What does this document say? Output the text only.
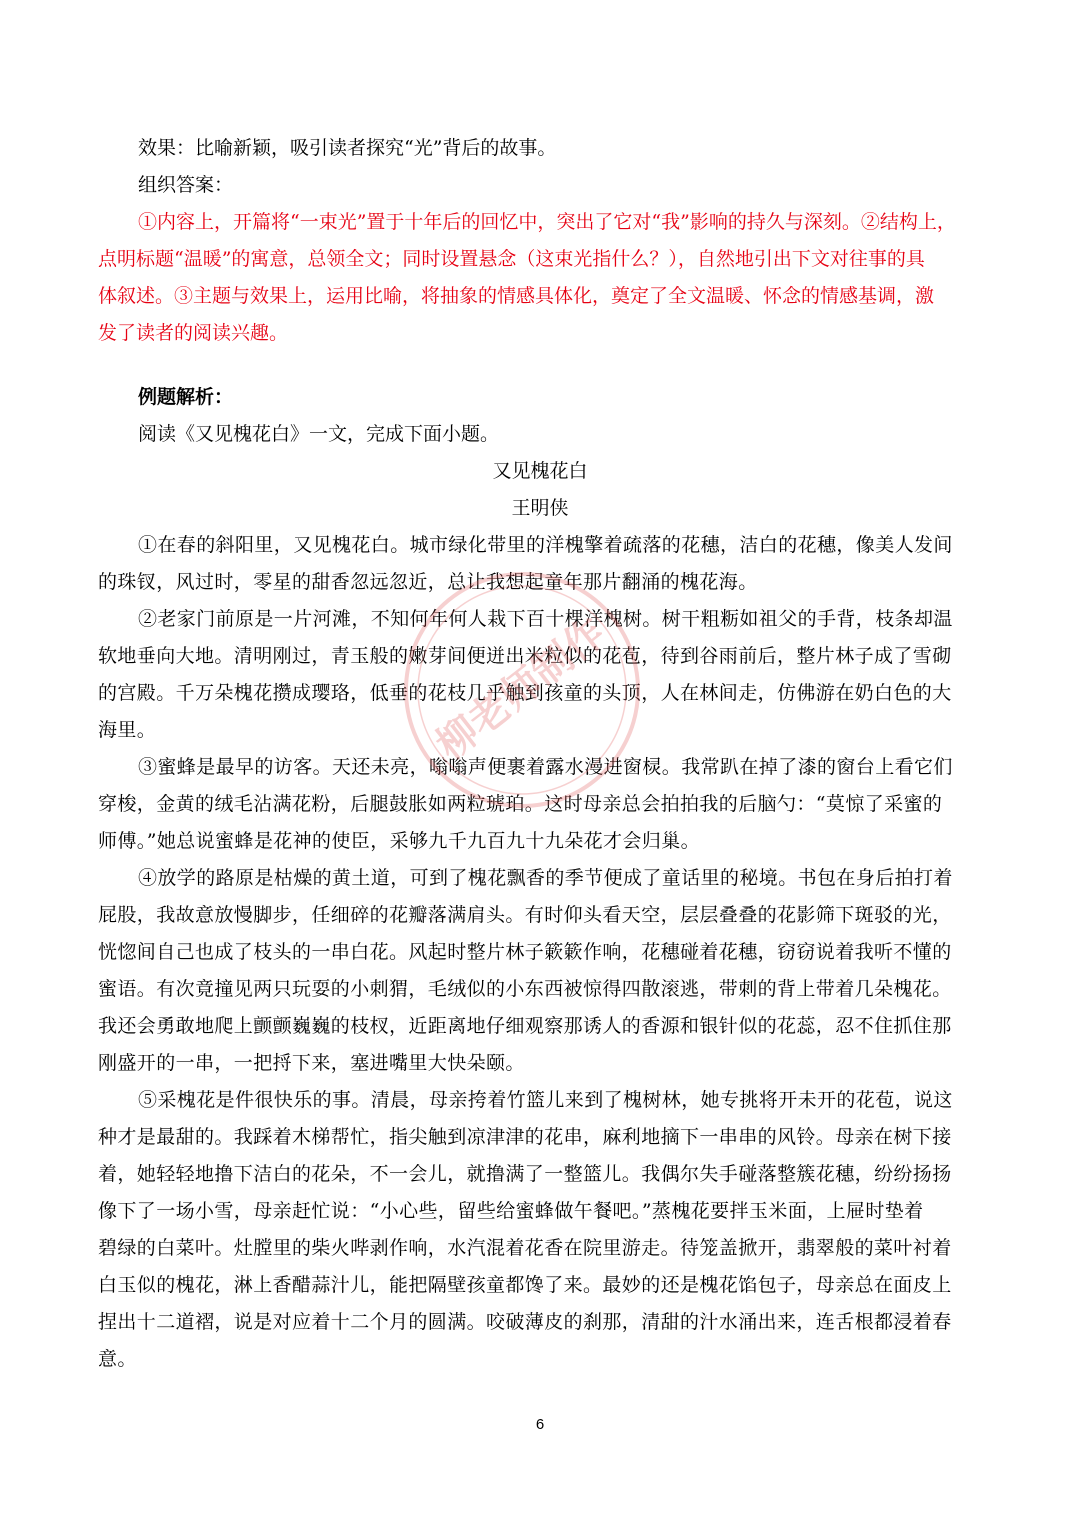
效果：比喻新颖，吸引读者探究“光”背后的故事。
组织答案：
①内容上，开篇将“一束光”置于十年后的回忆中，突出了它对“我”影响的持久与深刻。②结构上，
点明标题“温暖”的寓意，总领全文；同时设置悬念（这束光指什么？），自然地引出下文对往事的具
体叙述。③主题与效果上，运用比喻，将抽象的情感具体化，奠定了全文温暖、怀念的情感基调，激
发了读者的阅读兴趣。
例题解析：
阅读《又见槐花白》一文，完成下面小题。
又见槐花白
王明侠
①在春的斜阳里，又见槐花白。城市绿化带里的洋槐擎着疏落的花穗，洁白的花穗，像美人发间
的珠钗，风过时，零星的甜香忽远忽近，总让我想起童年那片翻涌的槐花海。
②老家门前原是一片河滩，不知何年何人栽下百十棵洋槐树。树干粗粝如祖父的手背，枝条却温
软地垂向大地。清明刚过，青玉般的嫩芽间便迸出米粒似的花苞，待到谷雨前后，整片林子成了雪砌
的宫殿。千万朵槐花攒成璎珞，低垂的花枝几乎触到孩童的头顶，人在林间走，仿佛游在奶白色的大
海里。
③蜜蜂是最早的访客。天还未亮，嗡嗡声便裹着露水漫进窗棂。我常趴在掉了漆的窗台上看它们
穿梭，金黄的绒毛沾满花粉，后腿鼓胀如两粒琥珀。这时母亲总会拍拍我的后脑勺：“莫惊了采蜜的
师傅。”她总说蜜蜂是花神的使臣，采够九千九百九十九朵花才会归巢。
④放学的路原是枯燥的黄土道，可到了槐花飘香的季节便成了童话里的秘境。书包在身后拍打着
屁股，我故意放慢脚步，任细碎的花瓣落满肩头。有时仰头看天空，层层叠叠的花影筛下斑驳的光，
恍惚间自己也成了枝头的一串白花。风起时整片林子簌簌作响，花穗碰着花穗，窃窃说着我听不懂的
蜜语。有次竟撞见两只玩耍的小刺猬，毛绒似的小东西被惊得四散滚逃，带刺的背上带着几朵槐花。
我还会勇敢地爬上颤颤巍巍的枝杈，近距离地仔细观察那诱人的香源和银针似的花蕊，忍不住抓住那
刚盛开的一串，一把捋下来，塞进嘴里大快朵颐。
⑤采槐花是件很快乐的事。清晨，母亲挎着竹篮儿来到了槐树林，她专挑将开未开的花苞，说这
种才是最甜的。我踩着木梯帮忙，指尖触到凉津津的花串，麻利地摘下一串串的风铃。母亲在树下接
着，她轻轻地撸下洁白的花朵，不一会儿，就撸满了一整篮儿。我偶尔失手碰落整簇花穗，纷纷扬扬
像下了一场小雪，母亲赶忙说：“小心些，留些给蜜蜂做午餐吧。”蒸槐花要拌玉米面，上屉时垫着
碧绿的白菜叶。灶膛里的柴火哔剥作响，水汽混着花香在院里游走。待笼盖掀开，翡翠般的菜叶衬着
白玉似的槐花，淋上香醋蒜汁儿，能把隔壁孩童都馋了来。最妙的还是槐花馅包子，母亲总在面皮上
捏出十二道褶，说是对应着十二个月的圆满。咬破薄皮的刹那，清甜的汁水涌出来，连舌根都浸着春
意。
6
柳老师制作
